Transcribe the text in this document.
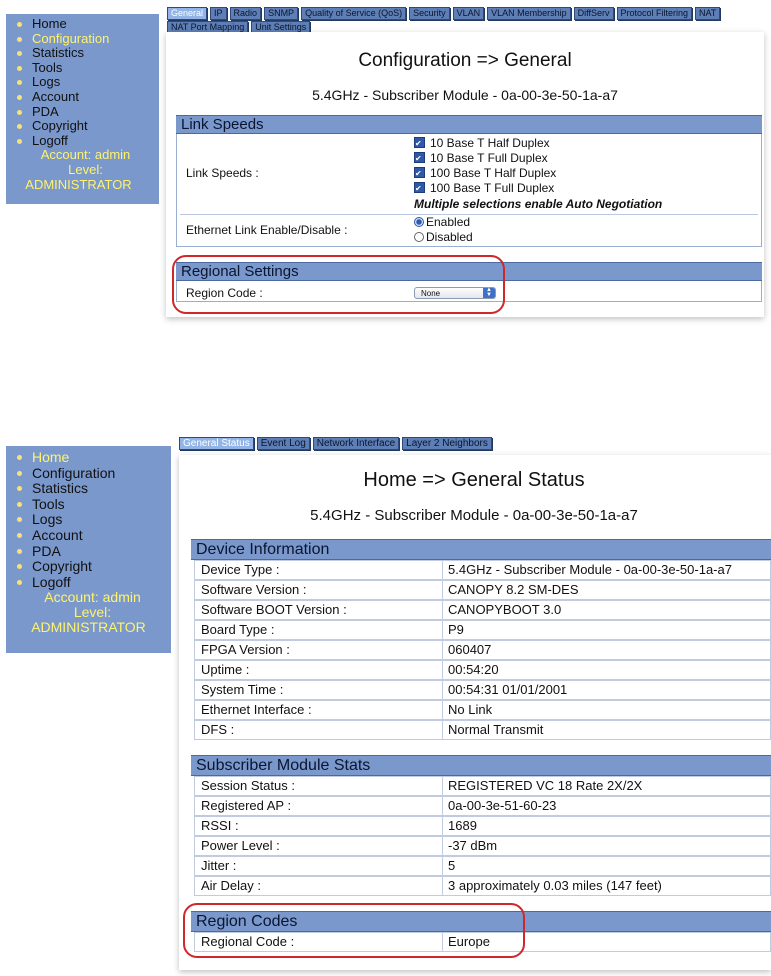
Home
Configuration
Statistics
Tools
Logs
Account
PDA
Copyright
Logoff
Account: admin
Level:
ADMINISTRATOR
General	IP	Radio	SNMP	Quality of Service (QoS)	Security	VLAN	VLAN Membership	DiffServ	Protocol Filtering	NAT
NAT Port Mapping	Unit Settings
Configuration => General
5.4GHz - Subscriber Module - 0a-00-3e-50-1a-a7
Link Speeds
Link Speeds :
✔10 Base T Half Duplex
✔10 Base T Full Duplex
✔100 Base T Half Duplex
✔100 Base T Full Duplex
Multiple selections enable Auto Negotiation
Ethernet Link Enable/Disable :
Enabled
Disabled
Regional Settings
Region Code :	None	▲
▼
Home
Configuration
Statistics
Tools
Logs
Account
PDA
Copyright
Logoff
Account: admin
Level:
ADMINISTRATOR
General Status	Event Log	Network Interface	Layer 2 Neighbors
Home => General Status
5.4GHz - Subscriber Module - 0a-00-3e-50-1a-a7
Device Information
Device Type :	5.4GHz - Subscriber Module - 0a-00-3e-50-1a-a7
Software Version :	CANOPY 8.2 SM-DES
Software BOOT Version :	CANOPYBOOT 3.0
Board Type :	P9
FPGA Version :	060407
Uptime :	00:54:20
System Time :	00:54:31 01/01/2001
Ethernet Interface :	No Link
DFS :	Normal Transmit
Subscriber Module Stats
Session Status :	REGISTERED VC 18 Rate 2X/2X
Registered AP :	0a-00-3e-51-60-23
RSSI :	1689
Power Level :	-37 dBm
Jitter :	5
Air Delay :	3 approximately 0.03 miles (147 feet)
Region Codes
Regional Code :	Europe
